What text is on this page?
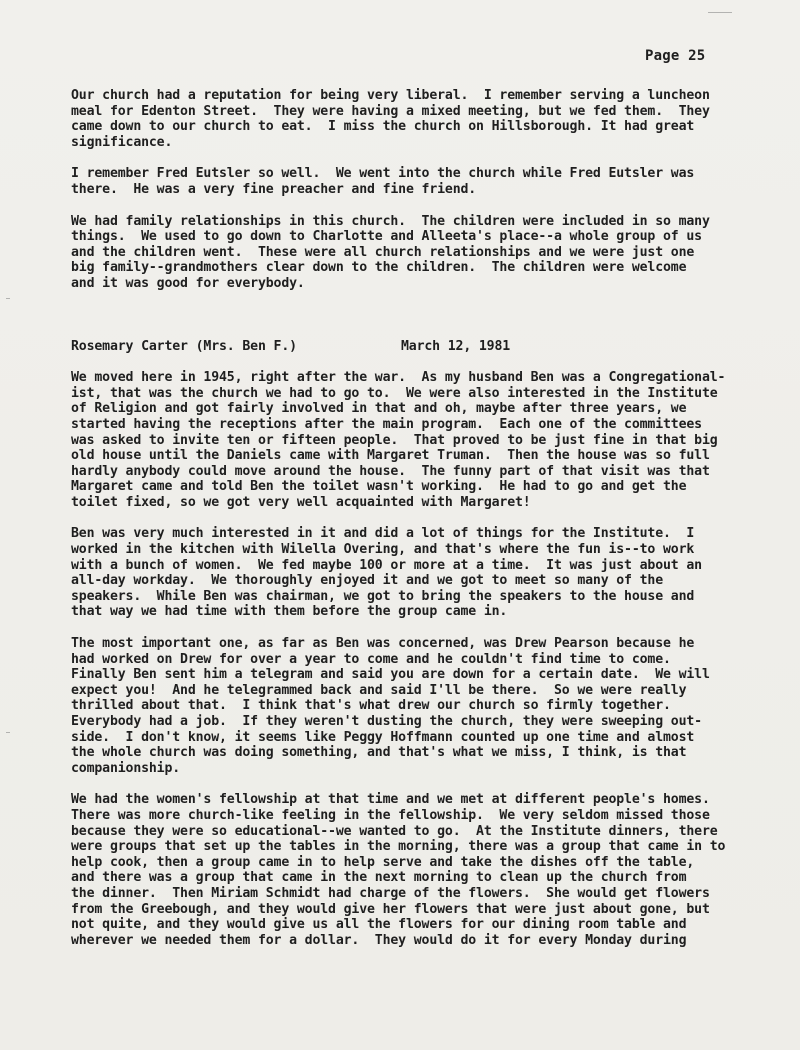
Page 25

Our church had a reputation for being very liberal.  I remember serving a luncheon
meal for Edenton Street.  They were having a mixed meeting, but we fed them.  They
came down to our church to eat.  I miss the church on Hillsborough. It had great
significance.

I remember Fred Eutsler so well.  We went into the church while Fred Eutsler was
there.  He was a very fine preacher and fine friend.

We had family relationships in this church.  The children were included in so many
things.  We used to go down to Charlotte and Alleeta's place--a whole group of us
and the children went.  These were all church relationships and we were just one
big family--grandmothers clear down to the children.  The children were welcome
and it was good for everybody.

Rosemary Carter (Mrs. Ben F.)	March 12, 1981

We moved here in 1945, right after the war.  As my husband Ben was a Congregational-
ist, that was the church we had to go to.  We were also interested in the Institute
of Religion and got fairly involved in that and oh, maybe after three years, we
started having the receptions after the main program.  Each one of the committees
was asked to invite ten or fifteen people.  That proved to be just fine in that big
old house until the Daniels came with Margaret Truman.  Then the house was so full
hardly anybody could move around the house.  The funny part of that visit was that
Margaret came and told Ben the toilet wasn't working.  He had to go and get the
toilet fixed, so we got very well acquainted with Margaret!

Ben was very much interested in it and did a lot of things for the Institute.  I
worked in the kitchen with Wilella Overing, and that's where the fun is--to work
with a bunch of women.  We fed maybe 100 or more at a time.  It was just about an
all-day workday.  We thoroughly enjoyed it and we got to meet so many of the
speakers.  While Ben was chairman, we got to bring the speakers to the house and
that way we had time with them before the group came in.

The most important one, as far as Ben was concerned, was Drew Pearson because he
had worked on Drew for over a year to come and he couldn't find time to come.
Finally Ben sent him a telegram and said you are down for a certain date.  We will
expect you!  And he telegrammed back and said I'll be there.  So we were really
thrilled about that.  I think that's what drew our church so firmly together.
Everybody had a job.  If they weren't dusting the church, they were sweeping out-
side.  I don't know, it seems like Peggy Hoffmann counted up one time and almost
the whole church was doing something, and that's what we miss, I think, is that
companionship.

We had the women's fellowship at that time and we met at different people's homes.
There was more church-like feeling in the fellowship.  We very seldom missed those
because they were so educational--we wanted to go.  At the Institute dinners, there
were groups that set up the tables in the morning, there was a group that came in to
help cook, then a group came in to help serve and take the dishes off the table,
and there was a group that came in the next morning to clean up the church from
the dinner.  Then Miriam Schmidt had charge of the flowers.  She would get flowers
from the Greebough, and they would give her flowers that were just about gone, but
not quite, and they would give us all the flowers for our dining room table and
wherever we needed them for a dollar.  They would do it for every Monday during
